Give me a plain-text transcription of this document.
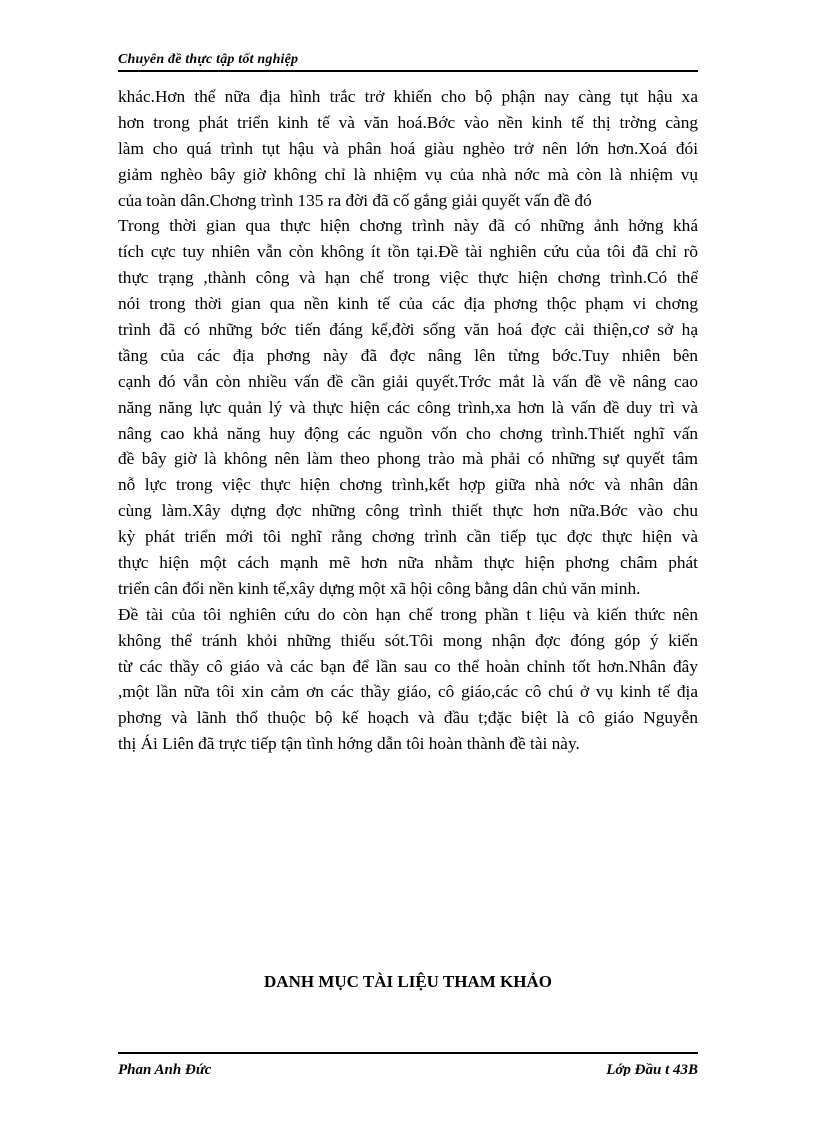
Chuyên đề thực tập tốt nghiệp
khác.Hơn thế nữa địa hình trắc trở khiến cho bộ phận nay càng tụt hậu xa
hơn trong phát triển kinh tế và văn hoá.Bớc vào nền kinh tế thị trờng càng
làm cho quá trình tụt hậu và phân hoá giàu nghèo trở nên lớn hơn.Xoá đói
giảm nghèo bây giờ không chỉ là nhiệm vụ của nhà nớc mà còn là nhiệm vụ
của toàn dân.Chơng trình 135 ra đời đã cố gắng giải quyết vấn đề đó
Trong thời gian qua thực hiện chơng trình này đã có những ảnh hởng khá
tích cực tuy nhiên vẫn còn không ít tồn tại.Đề tài nghiên cứu của tôi đã chỉ rõ
thực trạng ,thành công và hạn chế trong việc thực hiện chơng trình.Có thể
nói trong thời gian qua nền kinh tế của các địa phơng thộc phạm vi chơng
trình đã có những bớc tiến đáng kể,đời sống văn hoá đợc cải thiện,cơ sở hạ
tầng của các địa phơng này đã đợc nâng lên từng bớc.Tuy nhiên bên
cạnh đó vẫn còn nhiều vấn đề cần giải quyết.Trớc mắt là vấn đề về nâng cao
năng năng lực quản lý và thực hiện các công trình,xa hơn là vấn đề duy trì và
nâng cao khả năng huy động các nguồn vốn cho chơng trình.Thiết nghĩ vấn
đề bây giờ là không nên làm theo phong trào mà phải có những sự quyết tâm
nỗ lực trong việc thực hiện chơng trình,kết hợp giữa nhà nớc và nhân dân
cùng làm.Xây dựng đợc những công trình thiết thực hơn nữa.Bớc vào chu
kỳ phát triển mới tôi nghĩ rằng chơng trình cần tiếp tục đợc thực hiện và
thực hiện một cách mạnh mẽ hơn nữa nhằm thực hiện phơng châm phát
triển cân đối nền kinh tế,xây dựng một xã hội công bằng dân chủ văn minh.
Đề tài của tôi nghiên cứu do còn hạn chế trong phần t liệu và kiến thức nên
không thể tránh khỏi những thiếu sót.Tôi mong nhận đợc đóng góp ý kiến
từ các thầy cô giáo và các bạn để lần sau co thể hoàn chỉnh tốt hơn.Nhân đây
,một lần nữa tôi xin cảm ơn các thầy giáo, cô giáo,các cô chú ở vụ kinh tế địa
phơng và lãnh thổ thuộc bộ kế hoạch và đầu t;đặc biệt là cô giáo Nguyễn
thị Ái Liên đã trực tiếp tận tình hớng dẫn tôi hoàn thành đề tài này.
DANH MỤC TÀI LIỆU THAM KHẢO
Phan Anh Đức	Lớp Đầu t 43B
